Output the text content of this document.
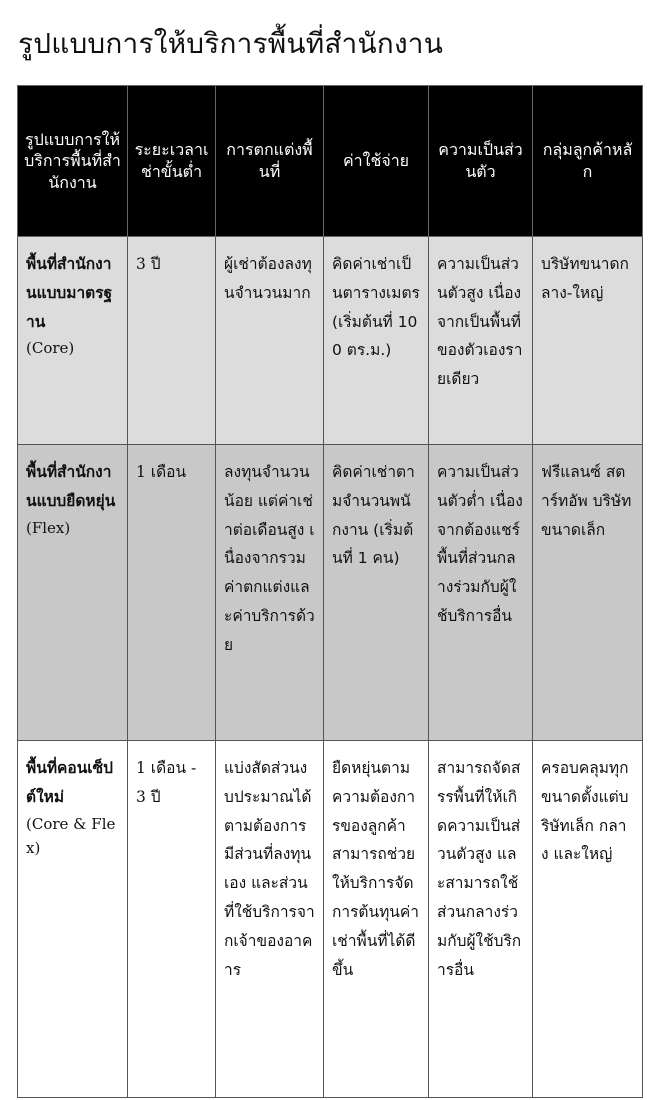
รูปแบบการให้บริการพื้นที่สำนักงาน
รูปแบบการให้บริการพื้นที่สำนักงาน	ระยะเวลาเช่าขั้นต่ำ	การตกแต่งพื้นที่	ค่าใช้จ่าย	ความเป็นส่วนตัว	กลุ่มลูกค้าหลัก
พื้นที่สำนักงานแบบมาตรฐาน
(Core)	3 ปี	ผู้เช่าต้องลงทุนจำนวนมาก	คิดค่าเช่าเป็นตารางเมตร (เริ่มต้นที่ 100 ตร.ม.)	ความเป็นส่วนตัวสูง เนื่องจากเป็นพื้นที่ของตัวเองรายเดียว	บริษัทขนาดกลาง-ใหญ่
พื้นที่สำนักงานแบบยืดหยุ่น
(Flex)	1 เดือน	ลงทุนจำนวนน้อย แต่ค่าเช่าต่อเดือนสูง เนื่องจากรวมค่าตกแต่งและค่าบริการด้วย	คิดค่าเช่าตามจำนวนพนักงาน (เริ่มต้นที่ 1 คน)	ความเป็นส่วนตัวต่ำ เนื่องจากต้องแชร์พื้นที่ส่วนกลางร่วมกับผู้ใช้บริการอื่น	ฟรีแลนซ์ สตาร์ทอัพ บริษัทขนาดเล็ก
พื้นที่คอนเซ็ปต์ใหม่
(Core & Flex)	1 เดือน - 3 ปี	แบ่งสัดส่วนงบประมาณได้ตามต้องการ มีส่วนที่ลงทุนเอง และส่วนที่ใช้บริการจากเจ้าของอาคาร	ยืดหยุ่นตามความต้องการของลูกค้า สามารถช่วยให้บริการจัดการต้นทุนค่าเช่าพื้นที่ได้ดีขึ้น	สามารถจัดสรรพื้นที่ให้เกิดความเป็นส่วนตัวสูง และสามารถใช้ส่วนกลางร่วมกับผู้ใช้บริการอื่น	ครอบคลุมทุกขนาดตั้งแต่บริษัทเล็ก กลาง และใหญ่
